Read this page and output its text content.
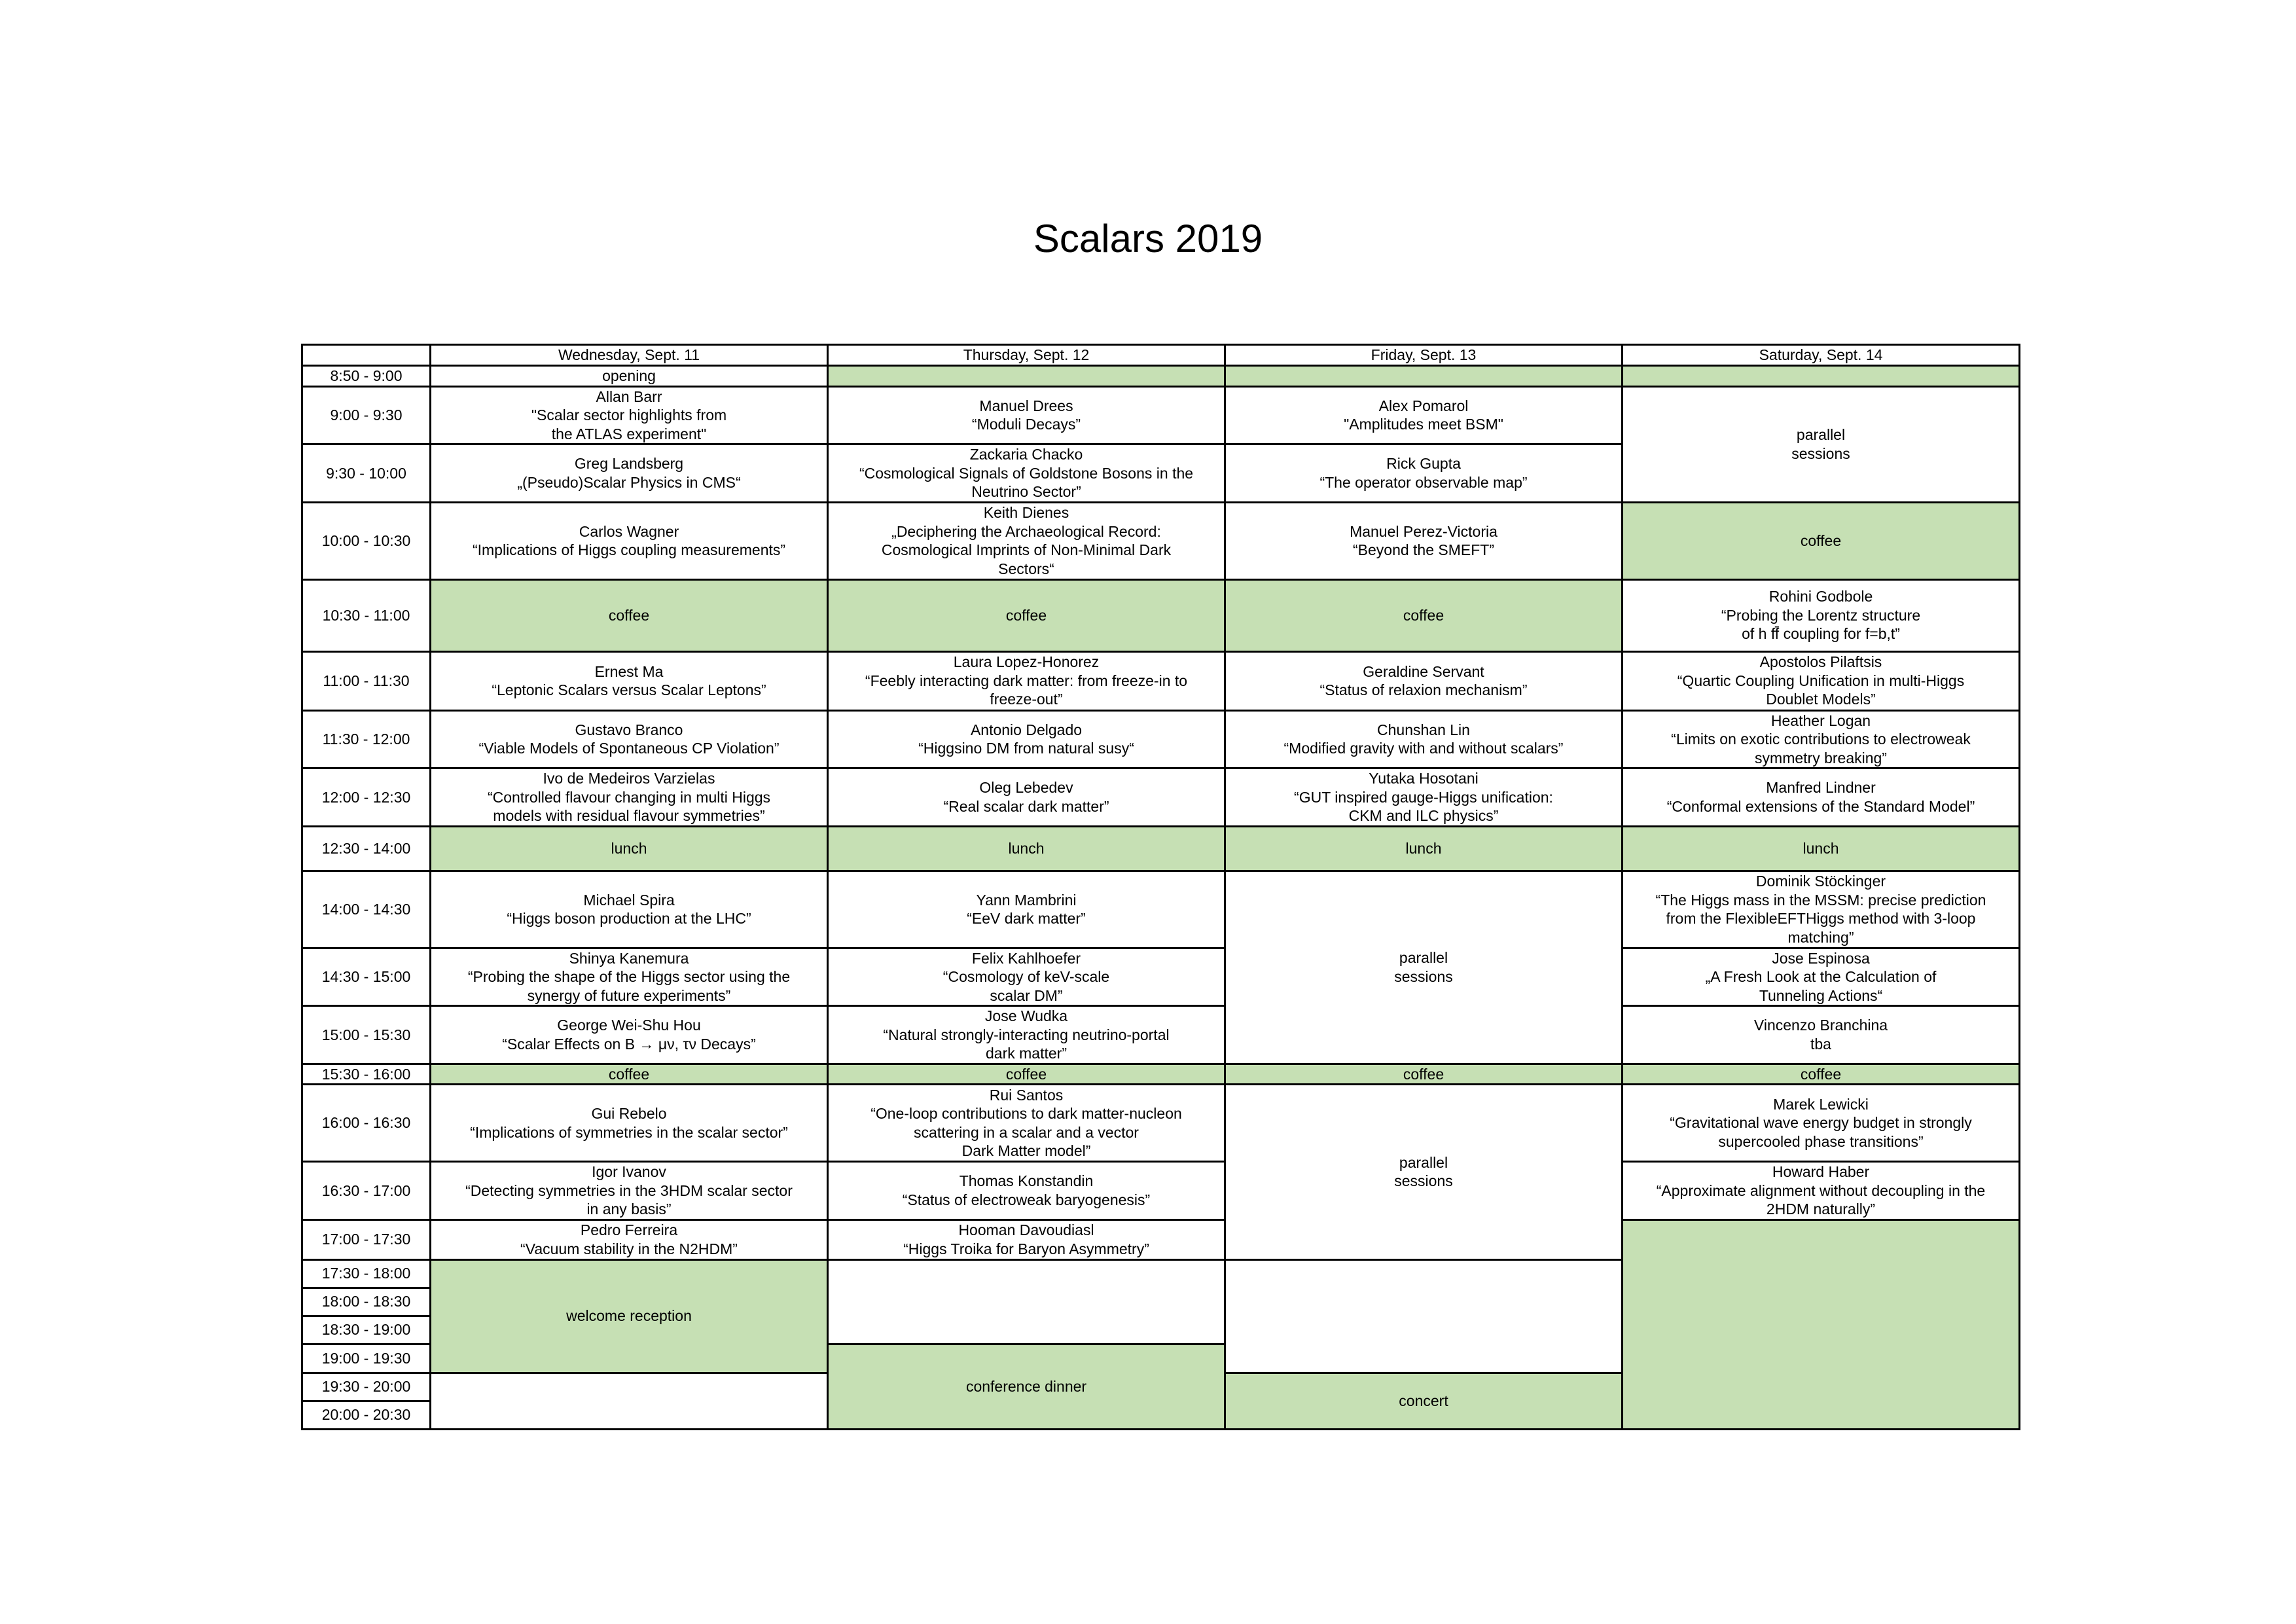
Scalars 2019
	Wednesday, Sept. 11	Thursday, Sept. 12	Friday, Sept. 13	Saturday, Sept. 14
8:50 - 9:00	opening			

9:00 - 9:30	Allan Barr
"Scalar sector highlights from
the ATLAS experiment"	Manuel Drees
“Moduli Decays”	Alex Pomarol
"Amplitudes meet BSM"	parallel
sessions

9:30 - 10:00	Greg Landsberg
„(Pseudo)Scalar Physics in CMS“	Zackaria Chacko
“Cosmological Signals of Goldstone Bosons in the
Neutrino Sector”	Rick Gupta
“The operator observable map”	

10:00 - 10:30	Carlos Wagner
“Implications of Higgs coupling measurements”	Keith Dienes
„Deciphering the Archaeological Record:
Cosmological Imprints of Non-Minimal Dark
Sectors“	Manuel Perez-Victoria
“Beyond the SMEFT”	coffee

10:30 - 11:00	coffee	coffee	coffee	Rohini Godbole
“Probing the Lorentz structure
of h ff̄ coupling for f=b,t”

11:00 - 11:30	Ernest Ma
“Leptonic Scalars versus Scalar Leptons”	Laura Lopez-Honorez
“Feebly interacting dark matter: from freeze-in to
freeze-out”	Geraldine Servant
“Status of relaxion mechanism”	Apostolos Pilaftsis
“Quartic Coupling Unification in multi-Higgs
Doublet Models”

11:30 - 12:00	Gustavo Branco
“Viable Models of Spontaneous CP Violation”	Antonio Delgado
“Higgsino DM from natural susy“	Chunshan Lin
“Modified gravity with and without scalars”	Heather Logan
“Limits on exotic contributions to electroweak
symmetry breaking”

12:00 - 12:30	Ivo de Medeiros Varzielas
“Controlled flavour changing in multi Higgs
models with residual flavour symmetries”	Oleg Lebedev
“Real scalar dark matter”	Yutaka Hosotani
“GUT inspired gauge-Higgs unification:
CKM and ILC physics”	Manfred Lindner
“Conformal extensions of the Standard Model”

12:30 - 14:00	lunch	lunch	lunch	lunch

14:00 - 14:30	Michael Spira
“Higgs boson production at the LHC”	Yann Mambrini
“EeV dark matter”	parallel
sessions	Dominik Stöckinger
“The Higgs mass in the MSSM: precise prediction
from the FlexibleEFTHiggs method with 3-loop
matching”

14:30 - 15:00	Shinya Kanemura
“Probing the shape of the Higgs sector using the
synergy of future experiments”	Felix Kahlhoefer
“Cosmology of keV-scale
scalar DM”		Jose Espinosa
„A Fresh Look at the Calculation of
Tunneling Actions“

15:00 - 15:30	George Wei-Shu Hou
“Scalar Effects on B → μν, τν Decays”	Jose Wudka
“Natural strongly-interacting neutrino-portal
dark matter”		Vincenzo Branchina
tba

15:30 - 16:00	coffee	coffee	coffee	coffee

16:00 - 16:30	Gui Rebelo
“Implications of symmetries in the scalar sector”	Rui Santos
“One-loop contributions to dark matter-nucleon
scattering in a scalar and a vector
Dark Matter model”	parallel
sessions	Marek Lewicki
“Gravitational wave energy budget in strongly
supercooled phase transitions”

16:30 - 17:00	Igor Ivanov
“Detecting symmetries in the 3HDM scalar sector
in any basis”	Thomas Konstandin
“Status of electroweak baryogenesis”		Howard Haber
“Approximate alignment without decoupling in the
2HDM naturally”

17:00 - 17:30	Pedro Ferreira
“Vacuum stability in the N2HDM”	Hooman Davoudiasl
“Higgs Troika for Baryon Asymmetry”		

17:30 - 18:00	welcome reception			

18:00 - 18:30				
18:30 - 19:00				
19:00 - 19:30		conference dinner		

19:30 - 20:00			concert	

20:00 - 20:30				
